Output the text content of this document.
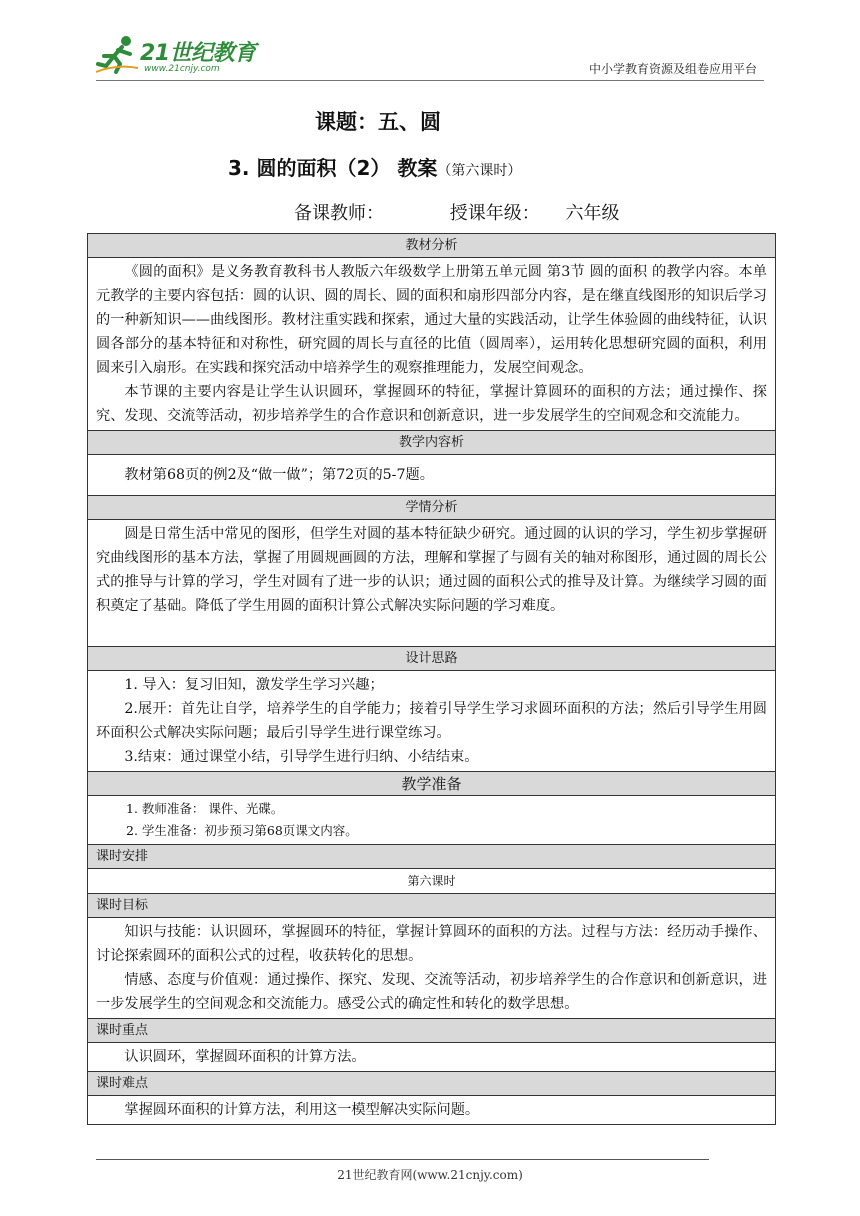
21世纪教育
www.21cnjy.com	中小学教育资源及组卷应用平台
课题：五、圆
3. 圆的面积（2） 教案（第六课时）
备课教师：	授课年级： 六年级
教材分析

《圆的面积》是义务教育教科书人教版六年级数学上册第五单元圆 第3节 圆的面积 的教学内容。本单元教学的主要内容包括：圆的认识、圆的周长、圆的面积和扇形四部分内容，是在继直线图形的知识后学习的一种新知识——曲线图形。教材注重实践和探索，通过大量的实践活动，让学生体验圆的曲线特征，认识圆各部分的基本特征和对称性，研究圆的周长与直径的比值（圆周率），运用转化思想研究圆的面积，利用圆来引入扇形。在实践和探究活动中培养学生的观察推理能力，发展空间观念。

本节课的主要内容是让学生认识圆环，掌握圆环的特征，掌握计算圆环的面积的方法；通过操作、探究、发现、交流等活动，初步培养学生的合作意识和创新意识，进一步发展学生的空间观念和交流能力。

教学内容析

教材第68页的例2及“做一做”；第72页的5-7题。

学情分析

圆是日常生活中常见的图形，但学生对圆的基本特征缺少研究。通过圆的认识的学习，学生初步掌握研究曲线图形的基本方法，掌握了用圆规画圆的方法，理解和掌握了与圆有关的轴对称图形，通过圆的周长公式的推导与计算的学习，学生对圆有了进一步的认识；通过圆的面积公式的推导及计算。为继续学习圆的面积奠定了基础。降低了学生用圆的面积计算公式解决实际问题的学习难度。

设计思路

1. 导入：复习旧知，激发学生学习兴趣；

2.展开：首先让自学，培养学生的自学能力；接着引导学生学习求圆环面积的方法；然后引导学生用圆环面积公式解决实际问题；最后引导学生进行课堂练习。

3.结束：通过课堂小结，引导学生进行归纳、小结结束。

教学准备

1. 教师准备： 课件、光碟。

2. 学生准备：初步预习第68页课文内容。

课时安排
第六课时
课时目标

知识与技能：认识圆环，掌握圆环的特征，掌握计算圆环的面积的方法。过程与方法：经历动手操作、讨论探索圆环的面积公式的过程，收获转化的思想。

情感、态度与价值观：通过操作、探究、发现、交流等活动，初步培养学生的合作意识和创新意识，进一步发展学生的空间观念和交流能力。感受公式的确定性和转化的数学思想。

课时重点

认识圆环，掌握圆环面积的计算方法。

课时难点

掌握圆环面积的计算方法，利用这一模型解决实际问题。

21世纪教育网(www.21cnjy.com)
